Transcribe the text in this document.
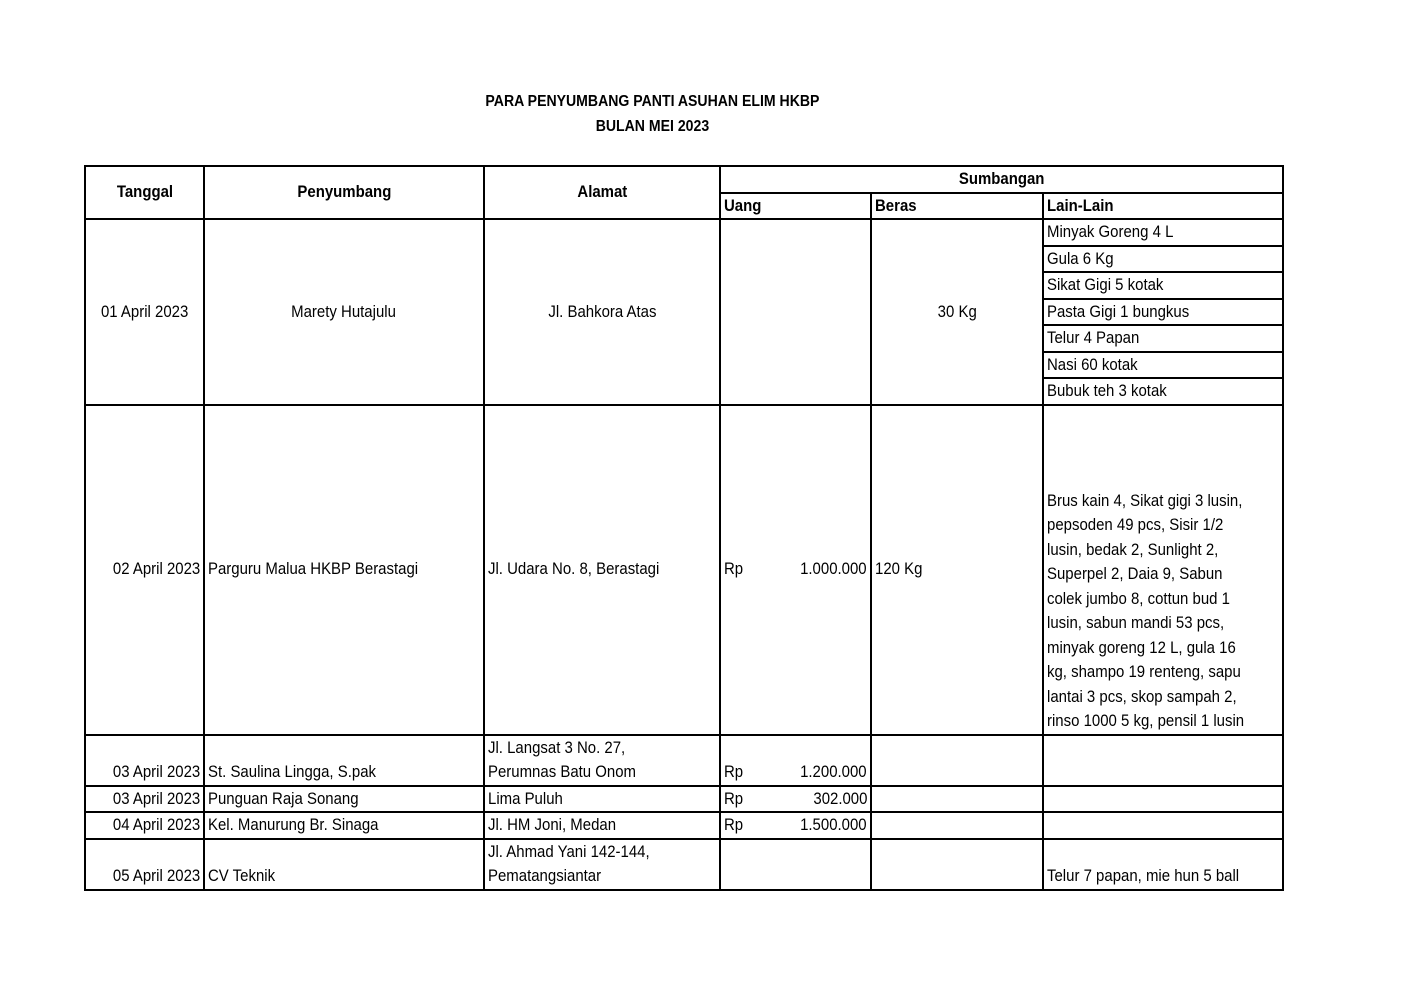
PARA PENYUMBANG PANTI ASUHAN ELIM HKBP
BULAN MEI 2023
Tanggal	Penyumbang	Alamat	Sumbangan		
			Uang	Beras	Lain-Lain
01 April 2023	Marety Hutajulu	Jl. Bahkora Atas		30 Kg	Minyak Goreng 4 L
					Gula 6 Kg
					Sikat Gigi 5 kotak
					Pasta Gigi 1 bungkus
					Telur 4 Papan
					Nasi 60 kotak
					Bubuk teh 3 kotak
02 April 2023	Parguru Malua HKBP Berastagi	Jl. Udara No. 8, Berastagi	Rp 1.000.000	120 Kg	Brus kain 4, Sikat gigi 3 lusin, pepsoden 49 pcs, Sisir 1/2 lusin, bedak 2, Sunlight 2, Superpel 2, Daia 9, Sabun colek jumbo 8, cottun bud 1 lusin, sabun mandi 53 pcs, minyak goreng 12 L, gula 16 kg, shampo 19 renteng, sapu lantai 3 pcs, skop sampah 2, rinso 1000 5 kg, pensil 1 lusin

03 April 2023	St. Saulina Lingga, S.pak	Jl. Langsat 3 No. 27, Perumnas Batu Onom	Rp 1.200.000		

03 April 2023	Punguan Raja Sonang	Lima Puluh	Rp 302.000		

04 April 2023	Kel. Manurung Br. Sinaga	Jl. HM Joni, Medan	Rp 1.500.000		

05 April 2023	CV Teknik	Jl. Ahmad Yani 142-144, Pematangsiantar			Telur 7 papan, mie hun 5 ball
